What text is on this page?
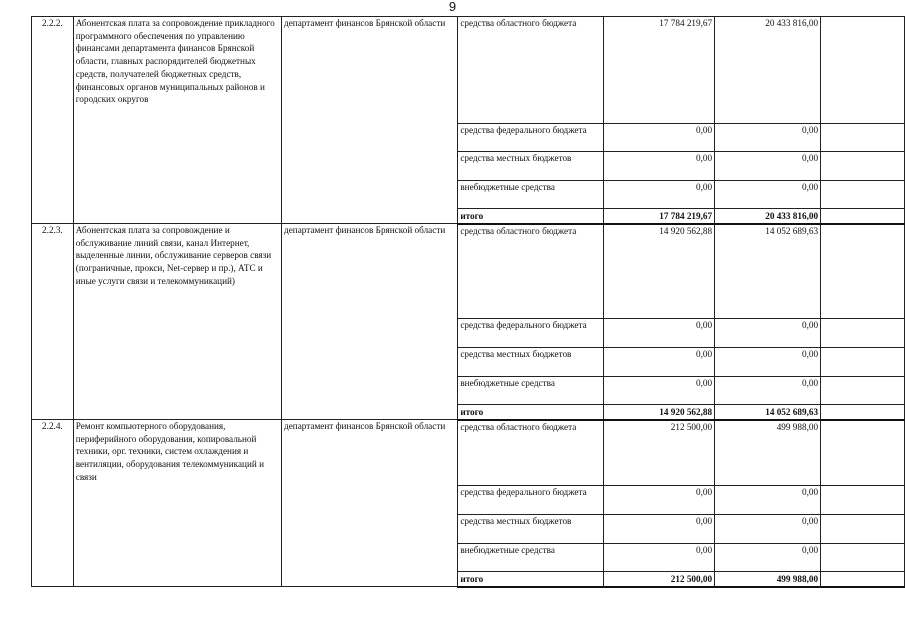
9
2.2.2.	Абонентская плата за сопровождение прикладного программного обеспечения по управлению финансами департамента финансов Брянской области, главных распорядителей бюджетных средств, получателей бюджетных средств, финансовых органов муниципальных районов и городских округов	департамент финансов Брянской области	средства областного бюджета	17 784 219,67	20 433 816,00	
			средства федерального бюджета	0,00	0,00	
			средства местных бюджетов	0,00	0,00	
			внебюджетные средства	0,00	0,00	
			итого	17 784 219,67	20 433 816,00	
2.2.3.	Абонентская плата за сопровождение и обслуживание линий связи, канал Интернет, выделенные линии, обслуживание серверов связи (пограничные, прокси, Net-сервер и пр.), АТС и иные услуги связи и телекоммуникаций)	департамент финансов Брянской области	средства областного бюджета	14 920 562,88	14 052 689,63	
			средства федерального бюджета	0,00	0,00	
			средства местных бюджетов	0,00	0,00	
			внебюджетные средства	0,00	0,00	
			итого	14 920 562,88	14 052 689,63	
2.2.4.	Ремонт компьютерного оборудования, периферийного оборудования, копировальной техники, орг. техники, систем охлаждения и вентиляции, оборудования телекоммуникаций и связи	департамент финансов Брянской области	средства областного бюджета	212 500,00	499 988,00	
			средства федерального бюджета	0,00	0,00	
			средства местных бюджетов	0,00	0,00	
			внебюджетные средства	0,00	0,00	
			итого	212 500,00	499 988,00	
